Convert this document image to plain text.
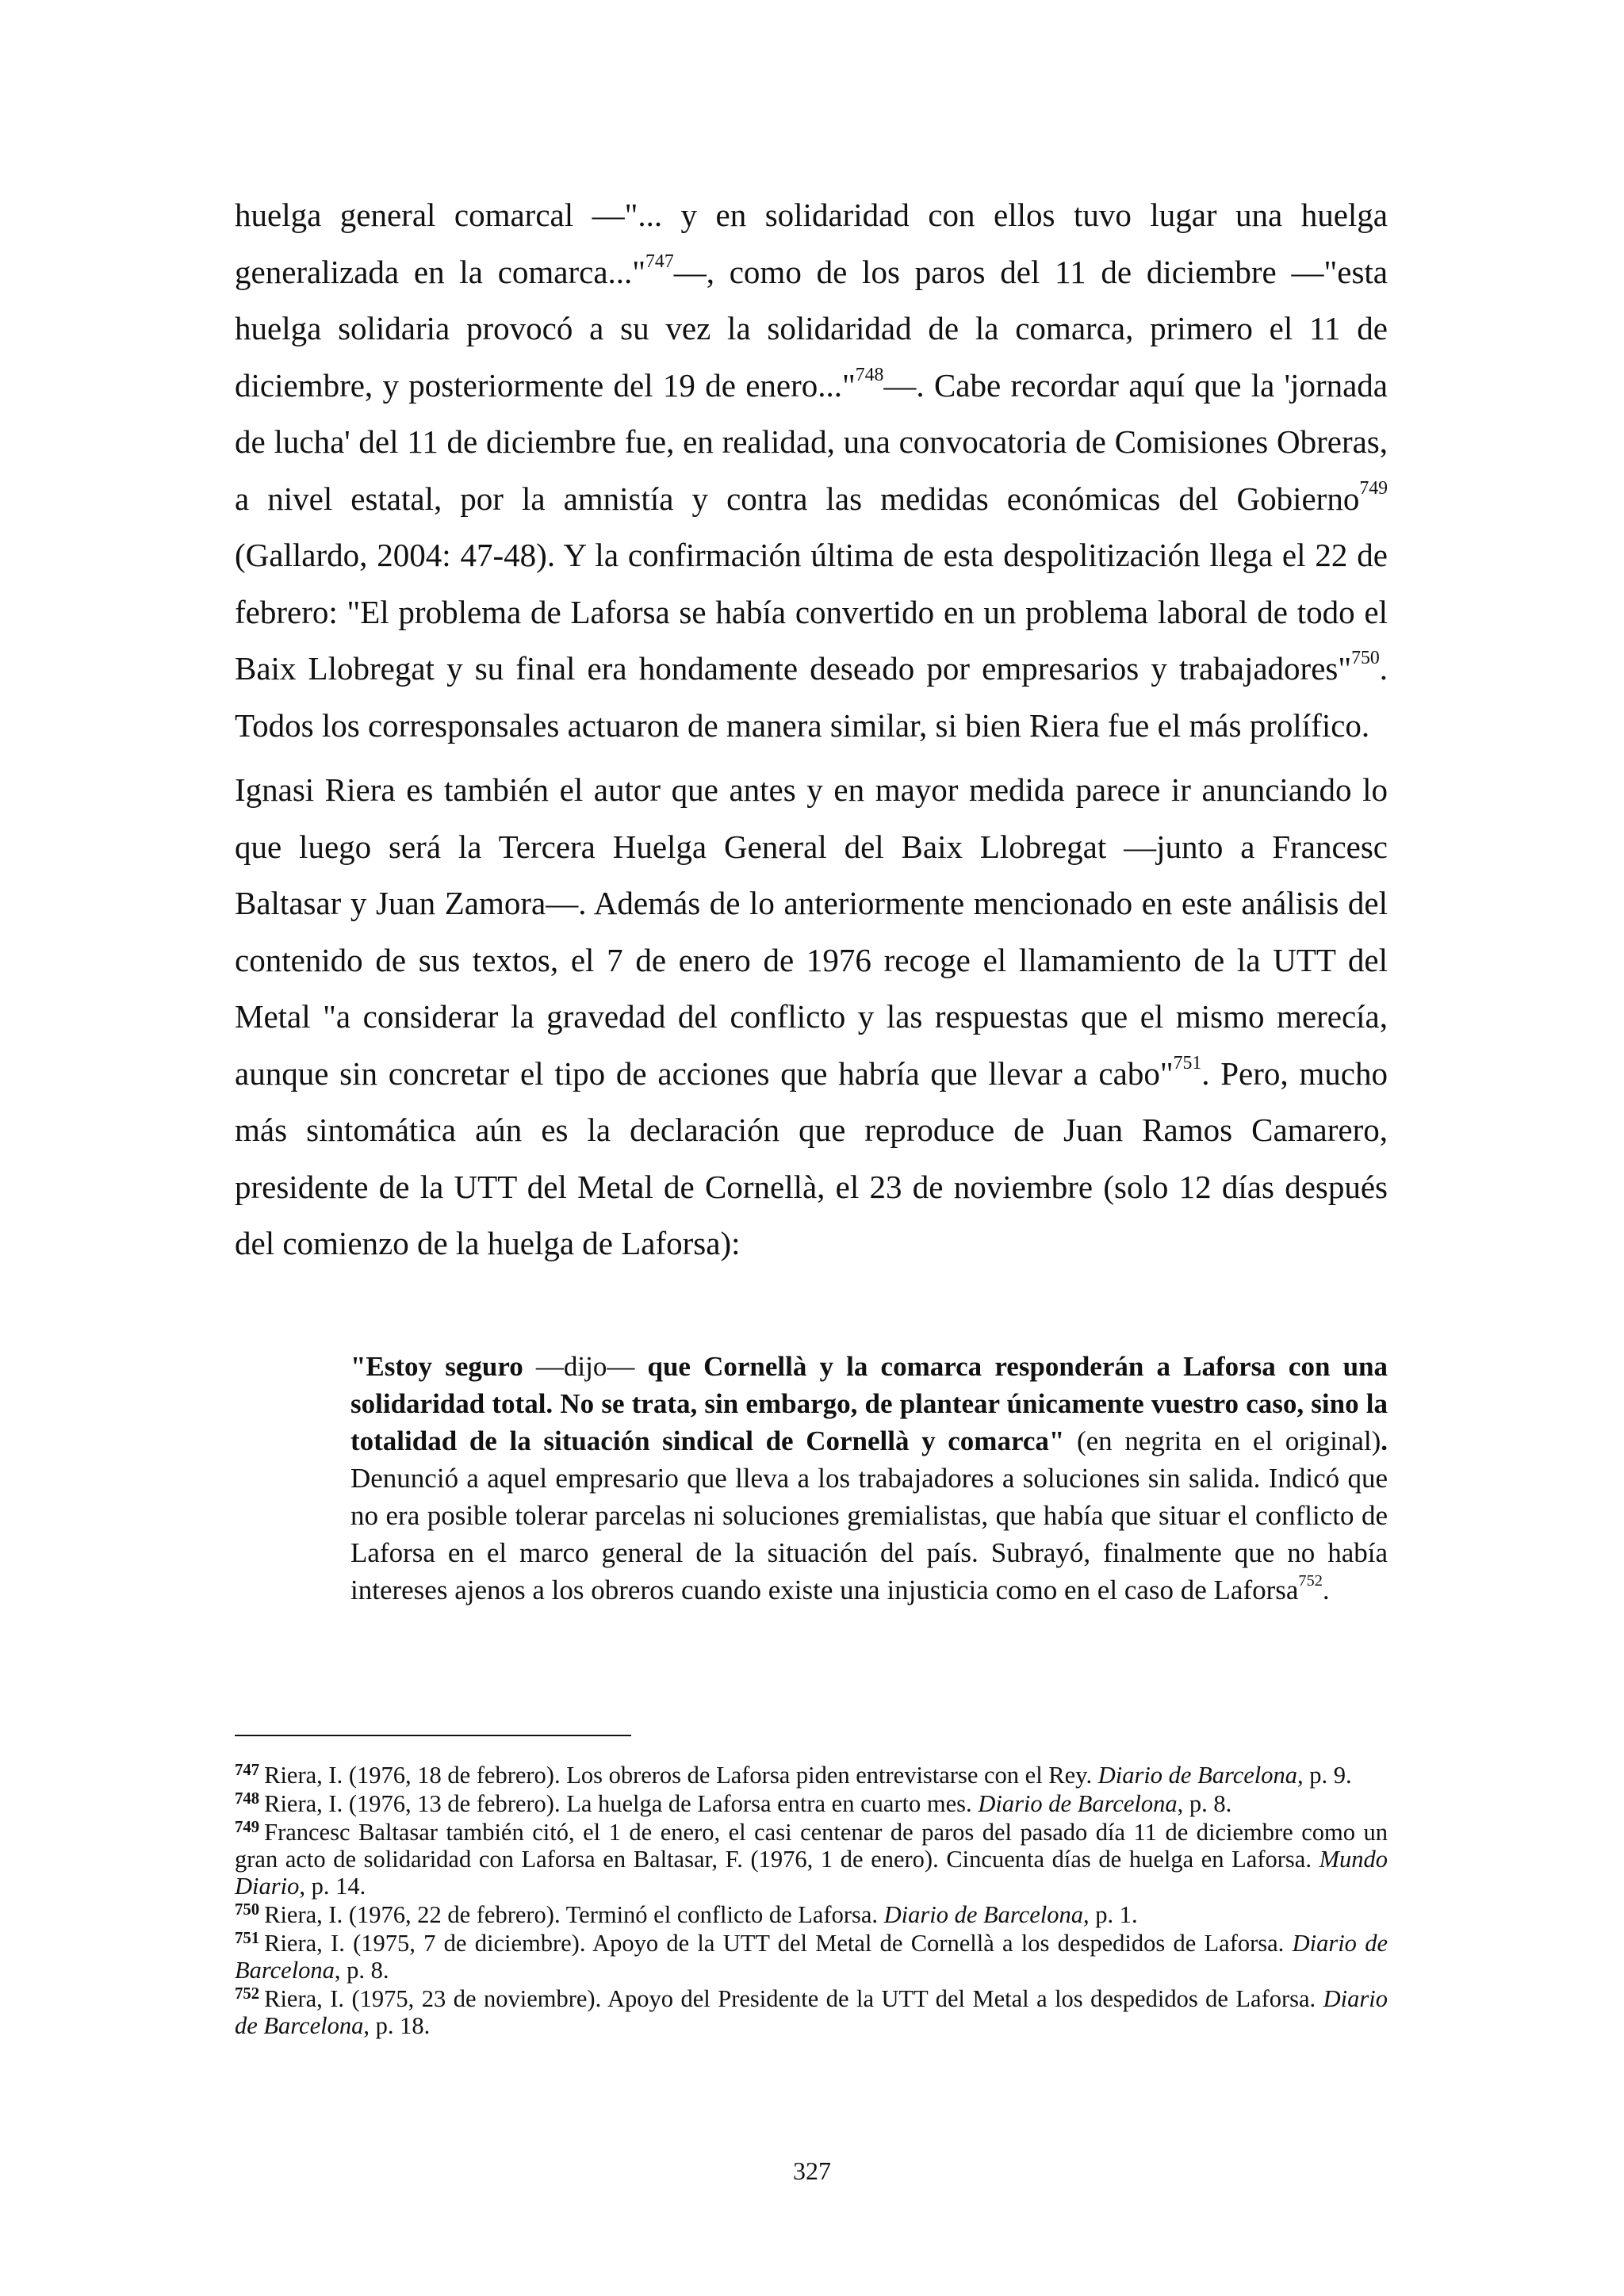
huelga general comarcal —"... y en solidaridad con ellos tuvo lugar una huelga generalizada en la comarca..."$^{747}$—, como de los paros del 11 de diciembre —"esta huelga solidaria provocó a su vez la solidaridad de la comarca, primero el 11 de diciembre, y posteriormente del 19 de enero..."$^{748}$—. Cabe recordar aquí que la 'jornada de lucha' del 11 de diciembre fue, en realidad, una convocatoria de Comisiones Obreras, a nivel estatal, por la amnistía y contra las medidas económicas del Gobierno$^{749}$ (Gallardo, 2004: 47-48). Y la confirmación última de esta despolitización llega el 22 de febrero: "El problema de Laforsa se había convertido en un problema laboral de todo el Baix Llobregat y su final era hondamente deseado por empresarios y trabajadores"$^{750}$. Todos los corresponsales actuaron de manera similar, si bien Riera fue el más prolífico.

Ignasi Riera es también el autor que antes y en mayor medida parece ir anunciando lo que luego será la Tercera Huelga General del Baix Llobregat —junto a Francesc Baltasar y Juan Zamora—. Además de lo anteriormente mencionado en este análisis del contenido de sus textos, el 7 de enero de 1976 recoge el llamamiento de la UTT del Metal "a considerar la gravedad del conflicto y las respuestas que el mismo merecía, aunque sin concretar el tipo de acciones que habría que llevar a cabo"$^{751}$. Pero, mucho más sintomática aún es la declaración que reproduce de Juan Ramos Camarero, presidente de la UTT del Metal de Cornellà, el 23 de noviembre (solo 12 días después del comienzo de la huelga de Laforsa):

"Estoy seguro —dijo— que Cornellà y la comarca responderán a Laforsa con una solidaridad total. No se trata, sin embargo, de plantear únicamente vuestro caso, sino la totalidad de la situación sindical de Cornellà y comarca" (en negrita en el original). Denunció a aquel empresario que lleva a los trabajadores a soluciones sin salida. Indicó que no era posible tolerar parcelas ni soluciones gremialistas, que había que situar el conflicto de Laforsa en el marco general de la situación del país. Subrayó, finalmente que no había intereses ajenos a los obreros cuando existe una injusticia como en el caso de Laforsa$^{752}$.

$^{747}$ Riera, I. (1976, 18 de febrero). Los obreros de Laforsa piden entrevistarse con el Rey. Diario de Barcelona, p. 9.
$^{748}$ Riera, I. (1976, 13 de febrero). La huelga de Laforsa entra en cuarto mes. Diario de Barcelona, p. 8.
$^{749}$ Francesc Baltasar también citó, el 1 de enero, el casi centenar de paros del pasado día 11 de diciembre como un gran acto de solidaridad con Laforsa en Baltasar, F. (1976, 1 de enero). Cincuenta días de huelga en Laforsa. Mundo Diario, p. 14.
$^{750}$ Riera, I. (1976, 22 de febrero). Terminó el conflicto de Laforsa. Diario de Barcelona, p. 1.
$^{751}$ Riera, I. (1975, 7 de diciembre). Apoyo de la UTT del Metal de Cornellà a los despedidos de Laforsa. Diario de Barcelona, p. 8.
$^{752}$ Riera, I. (1975, 23 de noviembre). Apoyo del Presidente de la UTT del Metal a los despedidos de Laforsa. Diario de Barcelona, p. 18.
327
